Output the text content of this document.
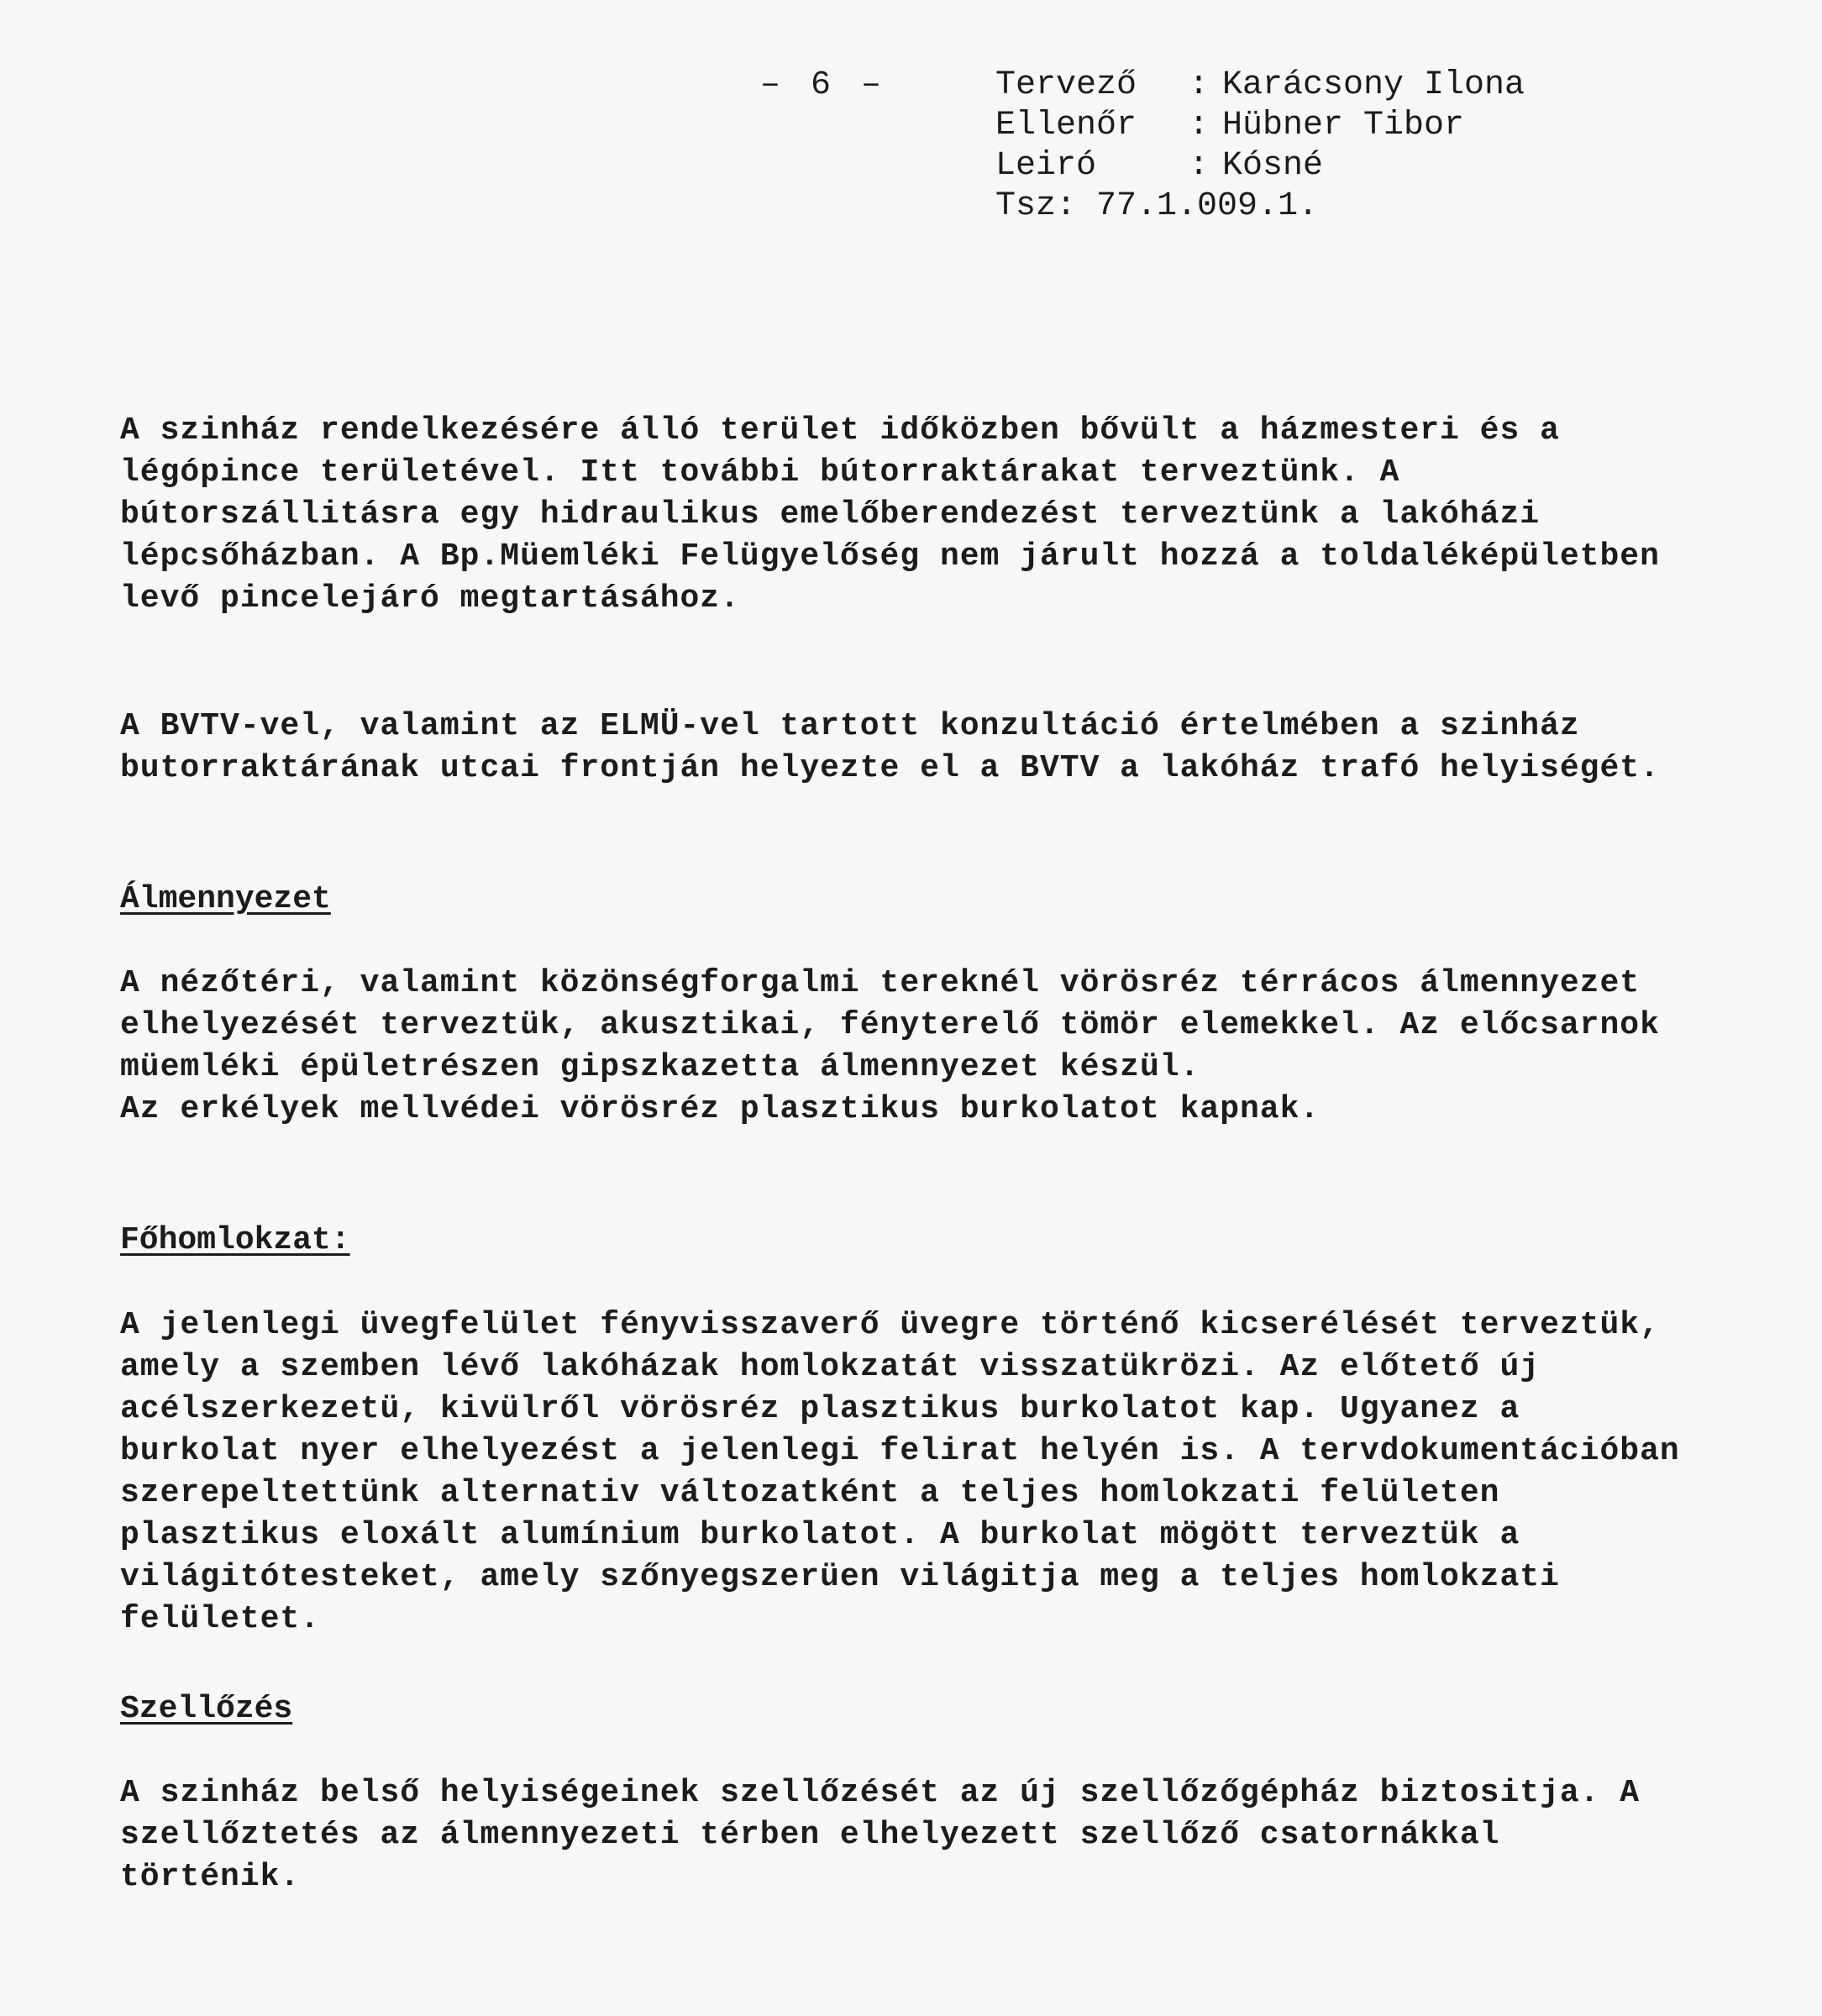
– 6 –	Tervező : Karácsony Ilona
Ellenőr : Hübner Tibor
Leiró	: Kósné
Tsz: 77.1.009.1.

A szinház rendelkezésére álló terület időközben bővült a házmesteri és a légópince területével. Itt további bútorraktárakat terveztünk. A bútorszállitásra egy hidraulikus emelőberendezést terveztünk a lakóházi lépcsőházban. A Bp.Müemléki Felügyelőség nem járult hozzá a toldaléképületben levő pincelejáró megtartásához.

A BVTV-vel, valamint az ELMÜ-vel tartott konzultáció értelmében a szinház butorraktárának utcai frontján helyezte el a BVTV a lakóház trafó helyiségét.

Álmennyezet

A nézőtéri, valamint közönségforgalmi tereknél vörösréz térrácos álmennyezet elhelyezését terveztük, akusztikai, fényterelő tömör elemekkel. Az előcsarnok müemléki épületrészen gipszkazetta álmennyezet készül.
Az erkélyek mellvédei vörösréz plasztikus burkolatot kapnak.

Főhomlokzat:

A jelenlegi üvegfelület fényvisszaverő üvegre történő kicserélését terveztük, amely a szemben lévő lakóházak homlokzatát visszatükrözi. Az előtető új acélszerkezetü, kivülről vörösréz plasztikus burkolatot kap. Ugyanez a burkolat nyer elhelyezést a jelenlegi felirat helyén is. A tervdokumentációban szerepeltettünk alternativ változatként a teljes homlokzati felületen plasztikus eloxált alumínium burkolatot. A burkolat mögött terveztük a világitótesteket, amely szőnyegszerüen világitja meg a teljes homlokzati felületet.

Szellőzés

A szinház belső helyiségeinek szellőzését az új szellőzőgépház biztositja. A szellőztetés az álmennyezeti térben elhelyezett szellőző csatornákkal történik.
